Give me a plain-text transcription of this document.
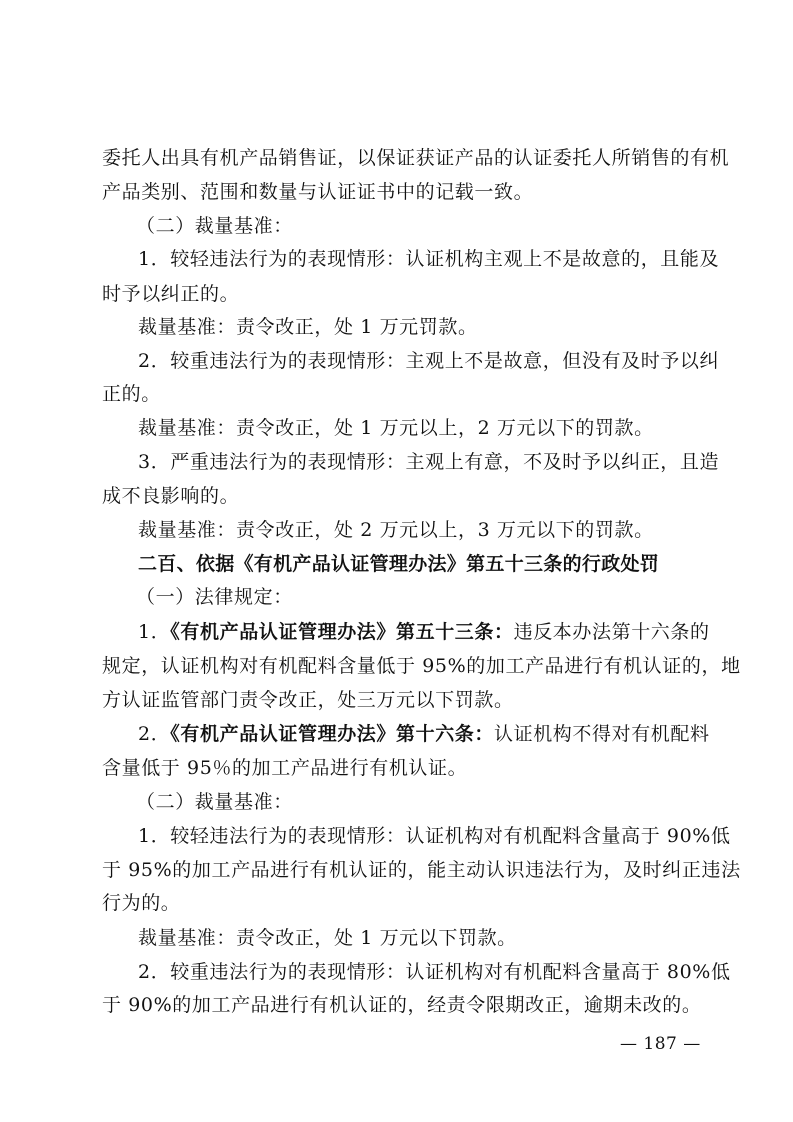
委托人出具有机产品销售证，以保证获证产品的认证委托人所销售的有机
产品类别、范围和数量与认证证书中的记载一致。
（二）裁量基准：
1．较轻违法行为的表现情形：认证机构主观上不是故意的，且能及
时予以纠正的。
裁量基准：责令改正，处 1 万元罚款。
2．较重违法行为的表现情形：主观上不是故意，但没有及时予以纠
正的。
裁量基准：责令改正，处 1 万元以上，2 万元以下的罚款。
3．严重违法行为的表现情形：主观上有意，不及时予以纠正，且造
成不良影响的。
裁量基准：责令改正，处 2 万元以上，3 万元以下的罚款。
二百、依据《有机产品认证管理办法》第五十三条的行政处罚
（一）法律规定：
1．《有机产品认证管理办法》第五十三条：违反本办法第十六条的
规定，认证机构对有机配料含量低于 95%的加工产品进行有机认证的，地
方认证监管部门责令改正，处三万元以下罚款。
2．《有机产品认证管理办法》第十六条：认证机构不得对有机配料
含量低于 95％的加工产品进行有机认证。
（二）裁量基准：
1．较轻违法行为的表现情形：认证机构对有机配料含量高于 90%低
于 95%的加工产品进行有机认证的，能主动认识违法行为，及时纠正违法
行为的。
裁量基准：责令改正，处 1 万元以下罚款。
2．较重违法行为的表现情形：认证机构对有机配料含量高于 80%低
于 90%的加工产品进行有机认证的，经责令限期改正，逾期未改的。
— 187 —
